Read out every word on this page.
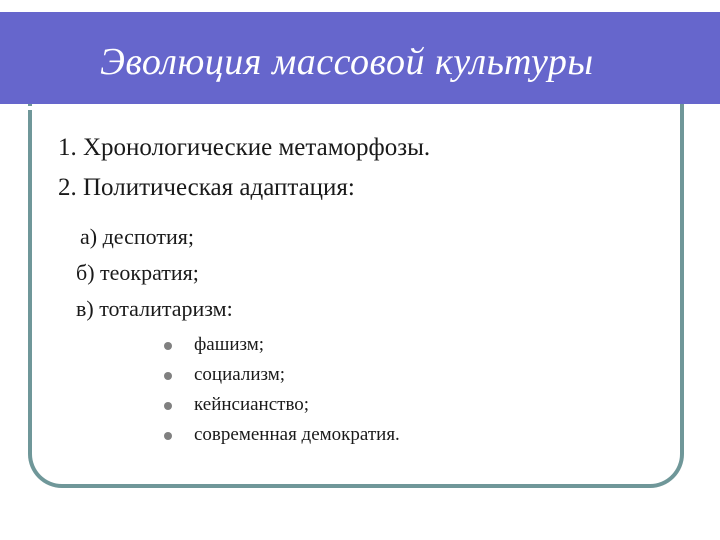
Эволюция массовой культуры
1. Хронологические метаморфозы.
2. Политическая адаптация:
а) деспотия;
б) теократия;
в) тоталитаризм:
фашизм;
социализм;
кейнсианство;
современная демократия.
